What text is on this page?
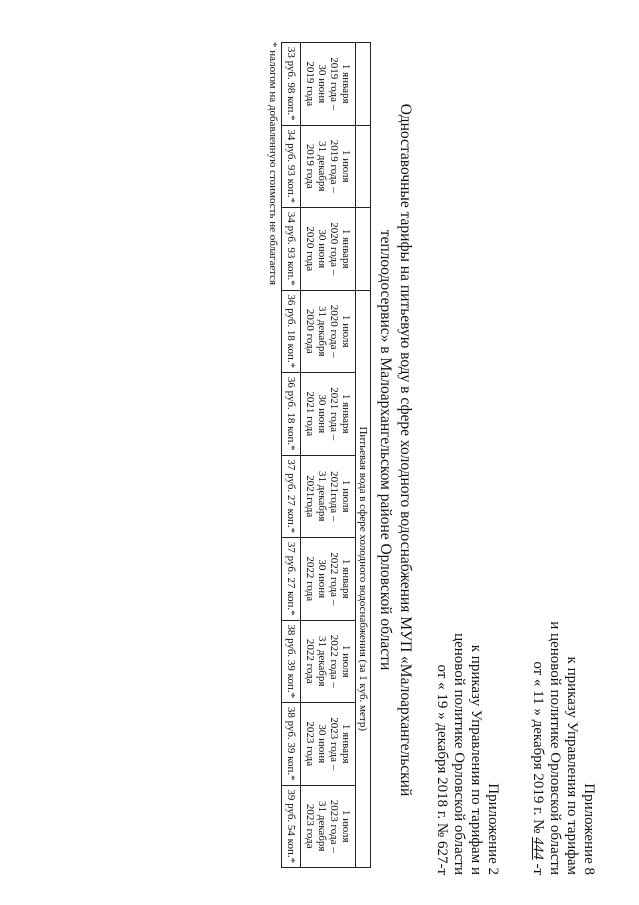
Приложение 8
к приказу Управления по тарифам
и ценовой политике Орловской области
от « 11 » декабря 2019 г. № 444 -т
Приложение 2
к приказу Управления по тарифам и
ценовой политике Орловской области
от « 19 » декабря 2018 г. № 627-т
Одноставочные тарифы на питьевую воду в сфере холодного водоснабжения МУП «Малоархангельский
теплоодосервис» в Малоархангельском районе Орловской области
			Питьевая вода в сфере холодного водоснабжения (за 1 куб. метр)						

1 января
2019 года –
30 июня
2019 года	1 июля
2019 года –
31 декабря
2019 года	1 января
2020 года –
30 июня
2020 года	1 июля
2020 года –
31 декабря
2020 года	1 января
2021 года –
30 июня
2021 года	1 июля
2021года –
31 декабря
2021года	1 января
2022 года –
30 июня
2022 года	1 июля
2022 года –
31 декабря
2022 года	1 января
2023 года –
30 июня
2023 года	1 июля
2023 года –
31 декабря
2023 года

33 руб. 98 коп.*	34 руб. 93 коп.*	34 руб. 93 коп.*	36 руб. 18 коп.*	36 руб. 18 коп.*	37 руб. 27 коп.*	37 руб. 27 коп.*	38 руб. 39 коп.*	38 руб. 39 коп.*	39 руб. 54 коп.*
* налогом на добавленную стоимость не облагается
